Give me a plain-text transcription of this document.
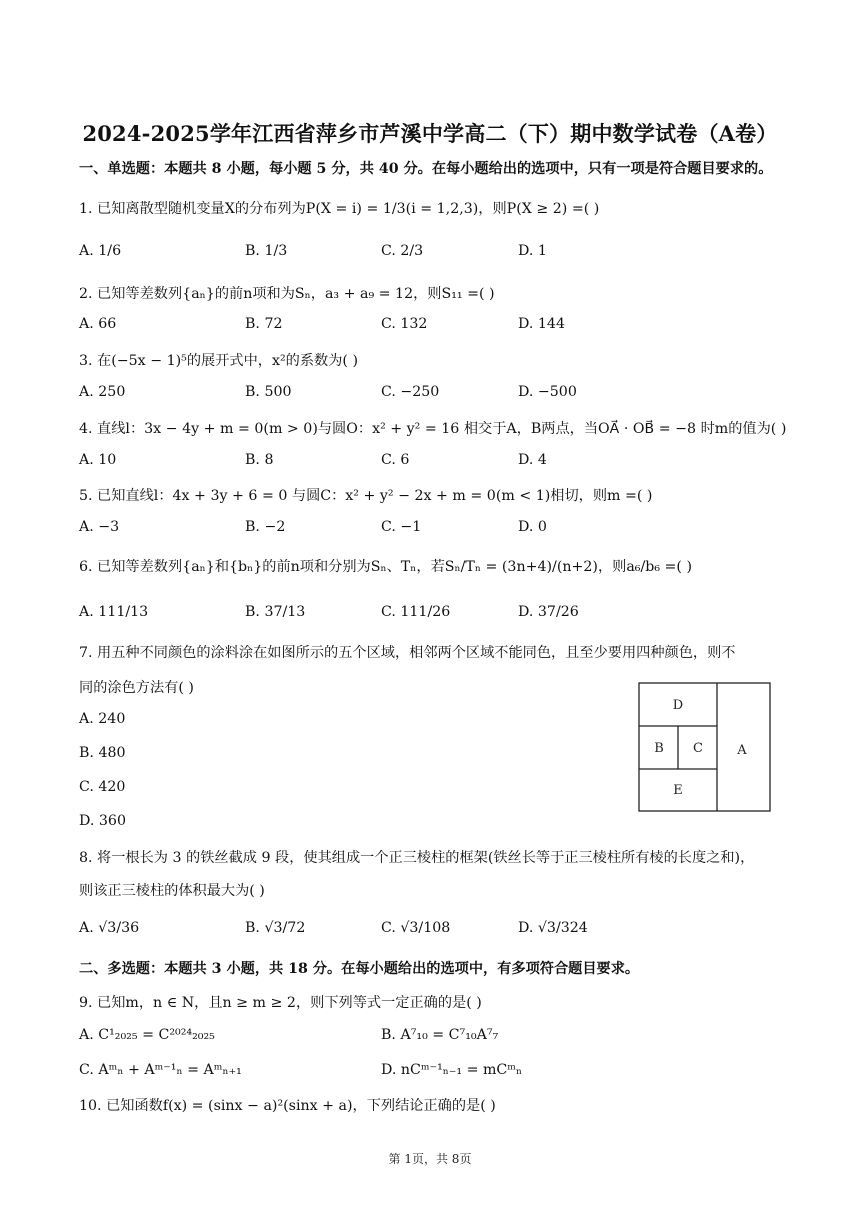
2024-2025学年江西省萍乡市芦溪中学高二（下）期中数学试卷（A卷）
一、单选题：本题共 8 小题，每小题 5 分，共 40 分。在每小题给出的选项中，只有一项是符合题目要求的。
1. 已知离散型随机变量X的分布列为P(X = i) = 1/3(i = 1,2,3)，则P(X ≥ 2) =( )
A. 1/6	B. 1/3	C. 2/3	D. 1
2. 已知等差数列{aₙ}的前n项和为Sₙ，a₃ + a₉ = 12，则S₁₁ =( )
A. 66	B. 72	C. 132	D. 144
3. 在(−5x − 1)⁵的展开式中，x²的系数为( )
A. 250	B. 500	C. −250	D. −500
4. 直线l：3x − 4y + m = 0(m > 0)与圆O：x² + y² = 16 相交于A，B两点，当OA⃗ · OB⃗ = −8 时m的值为( )
A. 10	B. 8	C. 6	D. 4
5. 已知直线l：4x + 3y + 6 = 0 与圆C：x² + y² − 2x + m = 0(m < 1)相切，则m =( )
A. −3	B. −2	C. −1	D. 0
6. 已知等差数列{aₙ}和{bₙ}的前n项和分别为Sₙ、Tₙ，若Sₙ/Tₙ = (3n+4)/(n+2)，则a₆/b₆ =( )
A. 111/13	B. 37/13	C. 111/26	D. 37/26
7. 用五种不同颜色的涂料涂在如图所示的五个区域，相邻两个区域不能同色，且至少要用四种颜色，则不
同的涂色方法有( )
A. 240
B. 480
C. 420
D. 360
D
B C	A
E
8. 将一根长为 3 的铁丝截成 9 段，使其组成一个正三棱柱的框架(铁丝长等于正三棱柱所有棱的长度之和)，
则该正三棱柱的体积最大为( )
A. √3/36	B. √3/72	C. √3/108	D. √3/324
二、多选题：本题共 3 小题，共 18 分。在每小题给出的选项中，有多项符合题目要求。
9. 已知m，n ∈ N，且n ≥ m ≥ 2，则下列等式一定正确的是( )
A. C¹₂₀₂₅ = C²⁰²⁴₂₀₂₅	B. A⁷₁₀ = C⁷₁₀A⁷₇
C. Aᵐₙ + Aᵐ⁻¹ₙ = Aᵐₙ₊₁	D. nCᵐ⁻¹ₙ₋₁ = mCᵐₙ
10. 已知函数f(x) = (sinx − a)²(sinx + a)，下列结论正确的是( )
第 1页，共 8页
